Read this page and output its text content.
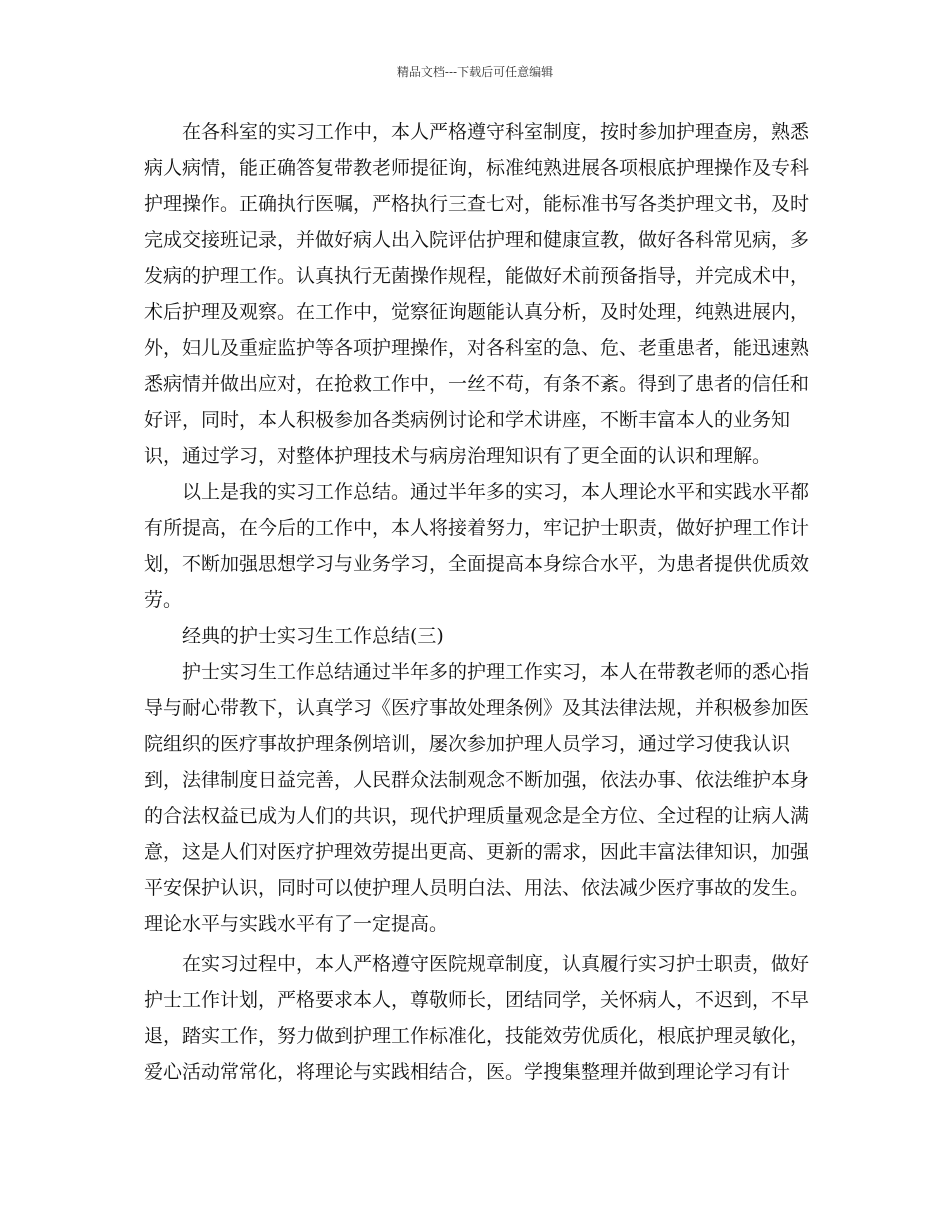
精品文档---下载后可任意编辑
在各科室的实习工作中，本人严格遵守科室制度，按时参加护理查房，熟悉
病人病情，能正确答复带教老师提征询，标准纯熟进展各项根底护理操作及专科
护理操作。正确执行医嘱，严格执行三查七对，能标准书写各类护理文书，及时
完成交接班记录，并做好病人出入院评估护理和健康宣教，做好各科常见病，多
发病的护理工作。认真执行无菌操作规程，能做好术前预备指导，并完成术中，
术后护理及观察。在工作中，觉察征询题能认真分析，及时处理，纯熟进展内，
外，妇儿及重症监护等各项护理操作，对各科室的急、危、老重患者，能迅速熟
悉病情并做出应对，在抢救工作中，一丝不苟，有条不紊。得到了患者的信任和
好评，同时，本人积极参加各类病例讨论和学术讲座，不断丰富本人的业务知
识，通过学习，对整体护理技术与病房治理知识有了更全面的认识和理解。
以上是我的实习工作总结。通过半年多的实习，本人理论水平和实践水平都
有所提高，在今后的工作中，本人将接着努力，牢记护士职责，做好护理工作计
划，不断加强思想学习与业务学习，全面提高本身综合水平，为患者提供优质效
劳。
经典的护士实习生工作总结(三)
护士实习生工作总结通过半年多的护理工作实习，本人在带教老师的悉心指
导与耐心带教下，认真学习《医疗事故处理条例》及其法律法规，并积极参加医
院组织的医疗事故护理条例培训，屡次参加护理人员学习，通过学习使我认识
到，法律制度日益完善，人民群众法制观念不断加强，依法办事、依法维护本身
的合法权益已成为人们的共识，现代护理质量观念是全方位、全过程的让病人满
意，这是人们对医疗护理效劳提出更高、更新的需求，因此丰富法律知识，加强
平安保护认识，同时可以使护理人员明白法、用法、依法减少医疗事故的发生。
理论水平与实践水平有了一定提高。
在实习过程中，本人严格遵守医院规章制度，认真履行实习护士职责，做好
护士工作计划，严格要求本人，尊敬师长，团结同学，关怀病人，不迟到，不早
退，踏实工作，努力做到护理工作标准化，技能效劳优质化，根底护理灵敏化，
爱心活动常常化，将理论与实践相结合，医。学搜集整理并做到理论学习有计
